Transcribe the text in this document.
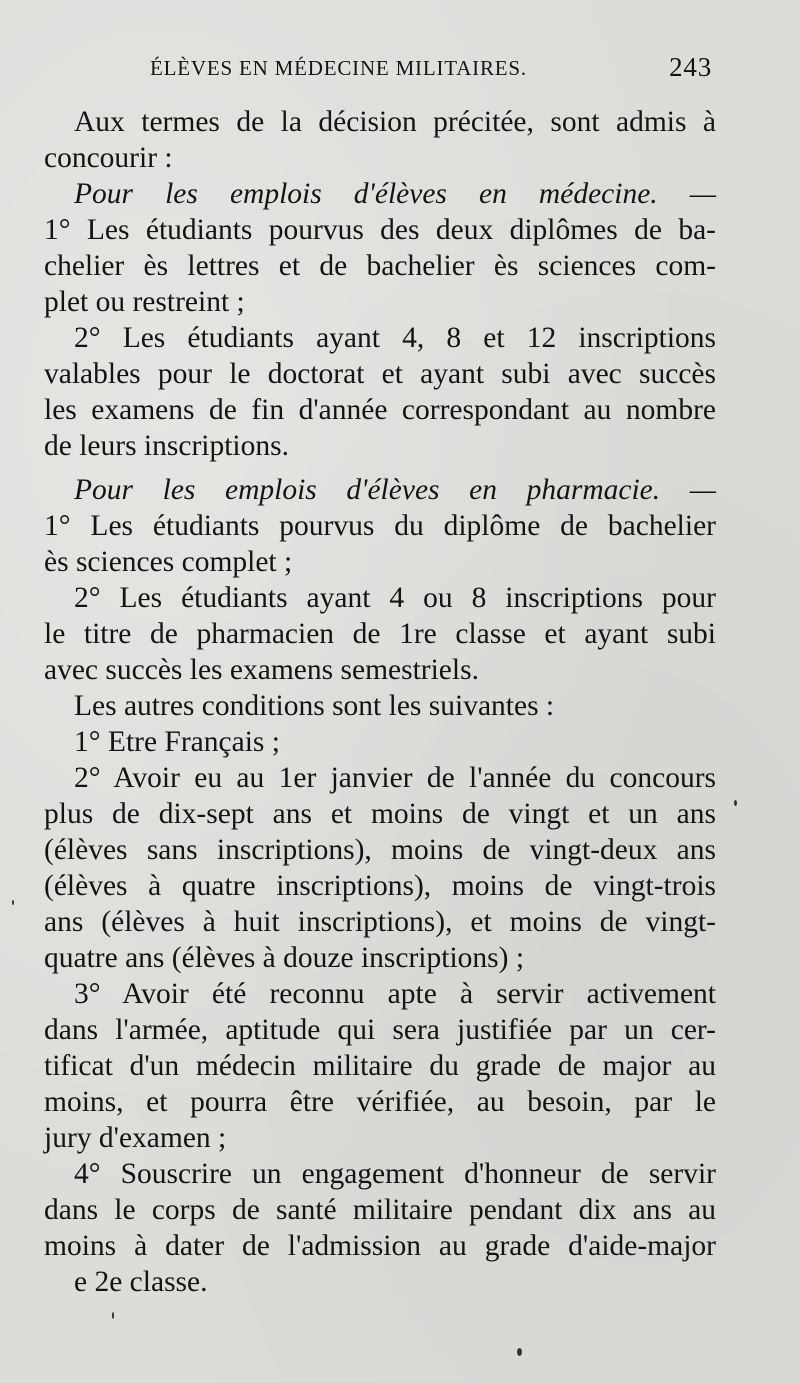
ÉLÈVES EN MÉDECINE MILITAIRES.	243

Aux termes de la décision précitée, sont admis à

concourir :

Pour les emplois d'élèves en médecine. —

1° Les étudiants pourvus des deux diplômes de ba-

chelier ès lettres et de bachelier ès sciences com-

plet ou restreint ;

2° Les étudiants ayant 4, 8 et 12 inscriptions

valables pour le doctorat et ayant subi avec succès

les examens de fin d'année correspondant au nombre

de leurs inscriptions.

Pour les emplois d'élèves en pharmacie. —

1° Les étudiants pourvus du diplôme de bachelier

ès sciences complet ;

2° Les étudiants ayant 4 ou 8 inscriptions pour

le titre de pharmacien de 1re classe et ayant subi

avec succès les examens semestriels.

Les autres conditions sont les suivantes :

1° Etre Français ;

2° Avoir eu au 1er janvier de l'année du concours

plus de dix-sept ans et moins de vingt et un ans

(élèves sans inscriptions), moins de vingt-deux ans

(élèves à quatre inscriptions), moins de vingt-trois

ans (élèves à huit inscriptions), et moins de vingt-

quatre ans (élèves à douze inscriptions) ;

3° Avoir été reconnu apte à servir activement

dans l'armée, aptitude qui sera justifiée par un cer-

tificat d'un médecin militaire du grade de major au

moins, et pourra être vérifiée, au besoin, par le

jury d'examen ;

4° Souscrire un engagement d'honneur de servir

dans le corps de santé militaire pendant dix ans au

moins à dater de l'admission au grade d'aide-major

e 2e classe.
